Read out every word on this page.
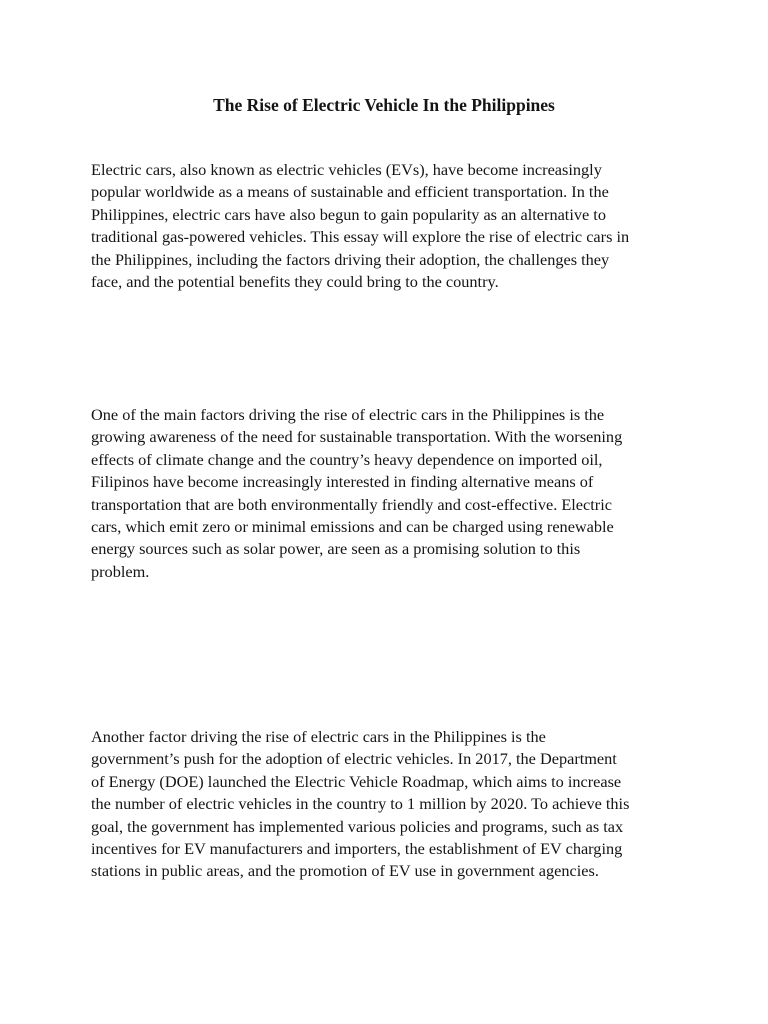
The Rise of Electric Vehicle In the Philippines

Electric cars, also known as electric vehicles (EVs), have become increasingly
popular worldwide as a means of sustainable and efficient transportation. In the
Philippines, electric cars have also begun to gain popularity as an alternative to
traditional gas-powered vehicles. This essay will explore the rise of electric cars in
the Philippines, including the factors driving their adoption, the challenges they
face, and the potential benefits they could bring to the country.

One of the main factors driving the rise of electric cars in the Philippines is the
growing awareness of the need for sustainable transportation. With the worsening
effects of climate change and the country’s heavy dependence on imported oil,
Filipinos have become increasingly interested in finding alternative means of
transportation that are both environmentally friendly and cost-effective. Electric
cars, which emit zero or minimal emissions and can be charged using renewable
energy sources such as solar power, are seen as a promising solution to this
problem.

Another factor driving the rise of electric cars in the Philippines is the
government’s push for the adoption of electric vehicles. In 2017, the Department
of Energy (DOE) launched the Electric Vehicle Roadmap, which aims to increase
the number of electric vehicles in the country to 1 million by 2020. To achieve this
goal, the government has implemented various policies and programs, such as tax
incentives for EV manufacturers and importers, the establishment of EV charging
stations in public areas, and the promotion of EV use in government agencies.
